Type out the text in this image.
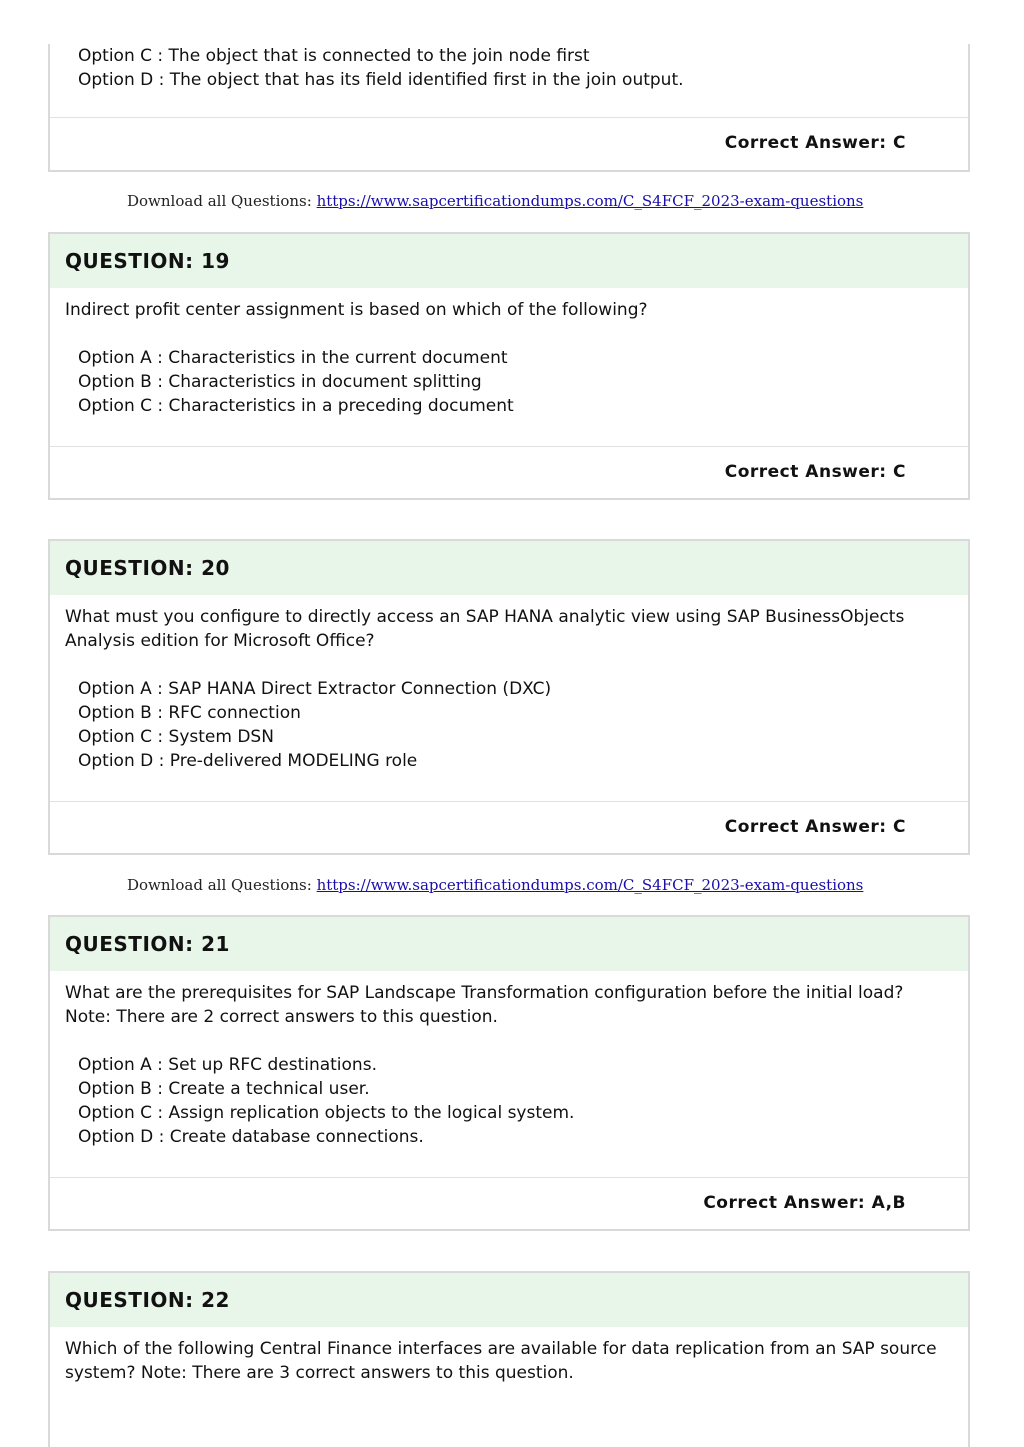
Option C : The object that is connected to the join node first
Option D : The object that has its field identified first in the join output.
Correct Answer: C
Download all Questions: https://www.sapcertificationdumps.com/C_S4FCF_2023-exam-questions
QUESTION: 19
Indirect profit center assignment is based on which of the following?
Option A : Characteristics in the current document
Option B : Characteristics in document splitting
Option C : Characteristics in a preceding document
Correct Answer: C
QUESTION: 20
What must you configure to directly access an SAP HANA analytic view using SAP BusinessObjects Analysis edition for Microsoft Office?
Option A : SAP HANA Direct Extractor Connection (DXC)
Option B : RFC connection
Option C : System DSN
Option D : Pre-delivered MODELING role
Correct Answer: C
Download all Questions: https://www.sapcertificationdumps.com/C_S4FCF_2023-exam-questions
QUESTION: 21
What are the prerequisites for SAP Landscape Transformation configuration before the initial load? Note: There are 2 correct answers to this question.
Option A : Set up RFC destinations.
Option B : Create a technical user.
Option C : Assign replication objects to the logical system.
Option D : Create database connections.
Correct Answer: A,B
QUESTION: 22
Which of the following Central Finance interfaces are available for data replication from an SAP source system? Note: There are 3 correct answers to this question.
